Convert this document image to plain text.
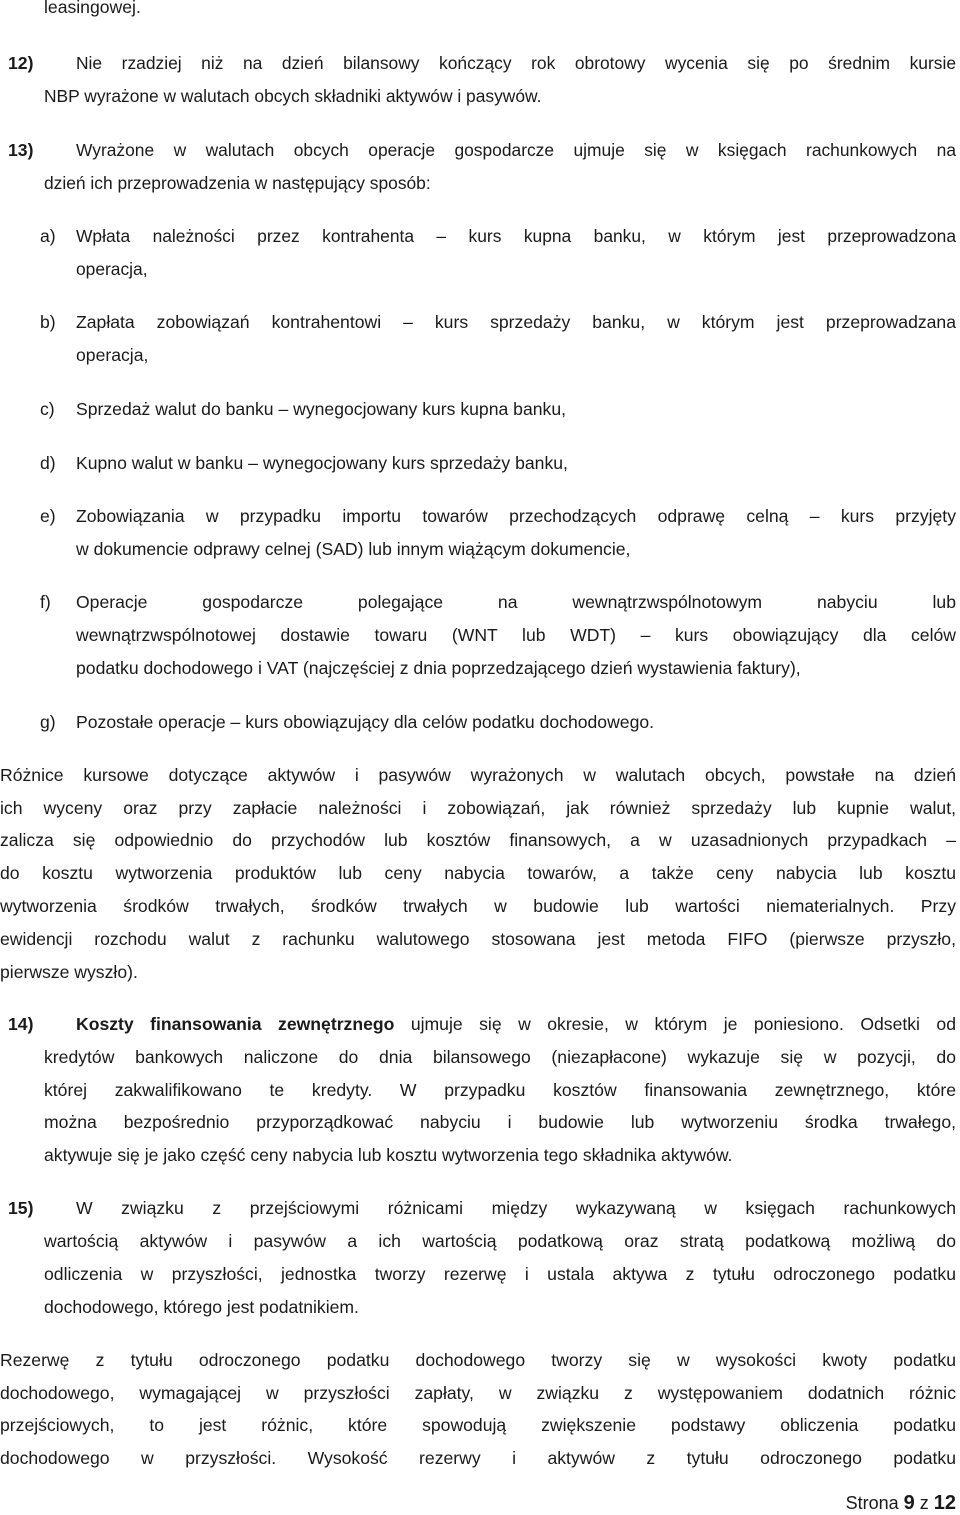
leasingowej.
12) Nie rzadziej niż na dzień bilansowy kończący rok obrotowy wycenia się po średnim kursie
NBP wyrażone w walutach obcych składniki aktywów i pasywów.
13) Wyrażone w walutach obcych operacje gospodarcze ujmuje się w księgach rachunkowych na
dzień ich przeprowadzenia w następujący sposób:
a) Wpłata należności przez kontrahenta – kurs kupna banku, w którym jest przeprowadzona
operacja,
b) Zapłata zobowiązań kontrahentowi – kurs sprzedaży banku, w którym jest przeprowadzana
operacja,
c) Sprzedaż walut do banku – wynegocjowany kurs kupna banku,
d) Kupno walut w banku – wynegocjowany kurs sprzedaży banku,
e) Zobowiązania w przypadku importu towarów przechodzących odprawę celną – kurs przyjęty
w dokumencie odprawy celnej (SAD) lub innym wiążącym dokumencie,
f) Operacje gospodarcze polegające na wewnątrzwspólnotowym nabyciu lub
wewnątrzwspólnotowej dostawie towaru (WNT lub WDT) – kurs obowiązujący dla celów
podatku dochodowego i VAT (najczęściej z dnia poprzedzającego dzień wystawienia faktury),
g) Pozostałe operacje – kurs obowiązujący dla celów podatku dochodowego.
Różnice kursowe dotyczące aktywów i pasywów wyrażonych w walutach obcych, powstałe na dzień
ich wyceny oraz przy zapłacie należności i zobowiązań, jak również sprzedaży lub kupnie walut,
zalicza się odpowiednio do przychodów lub kosztów finansowych, a w uzasadnionych przypadkach –
do kosztu wytworzenia produktów lub ceny nabycia towarów, a także ceny nabycia lub kosztu
wytworzenia środków trwałych, środków trwałych w budowie lub wartości niematerialnych. Przy
ewidencji rozchodu walut z rachunku walutowego stosowana jest metoda FIFO (pierwsze przyszło,
pierwsze wyszło).
14) Koszty finansowania zewnętrznego ujmuje się w okresie, w którym je poniesiono. Odsetki od
kredytów bankowych naliczone do dnia bilansowego (niezapłacone) wykazuje się w pozycji, do
której zakwalifikowano te kredyty. W przypadku kosztów finansowania zewnętrznego, które
można bezpośrednio przyporządkować nabyciu i budowie lub wytworzeniu środka trwałego,
aktywuje się je jako część ceny nabycia lub kosztu wytworzenia tego składnika aktywów.
15) W związku z przejściowymi różnicami między wykazywaną w księgach rachunkowych
wartością aktywów i pasywów a ich wartością podatkową oraz stratą podatkową możliwą do
odliczenia w przyszłości, jednostka tworzy rezerwę i ustala aktywa z tytułu odroczonego podatku
dochodowego, którego jest podatnikiem.
Rezerwę z tytułu odroczonego podatku dochodowego tworzy się w wysokości kwoty podatku
dochodowego, wymagającej w przyszłości zapłaty, w związku z występowaniem dodatnich różnic
przejściowych, to jest różnic, które spowodują zwiększenie podstawy obliczenia podatku
dochodowego w przyszłości. Wysokość rezerwy i aktywów z tytułu odroczonego podatku
Strona 9 z 12
